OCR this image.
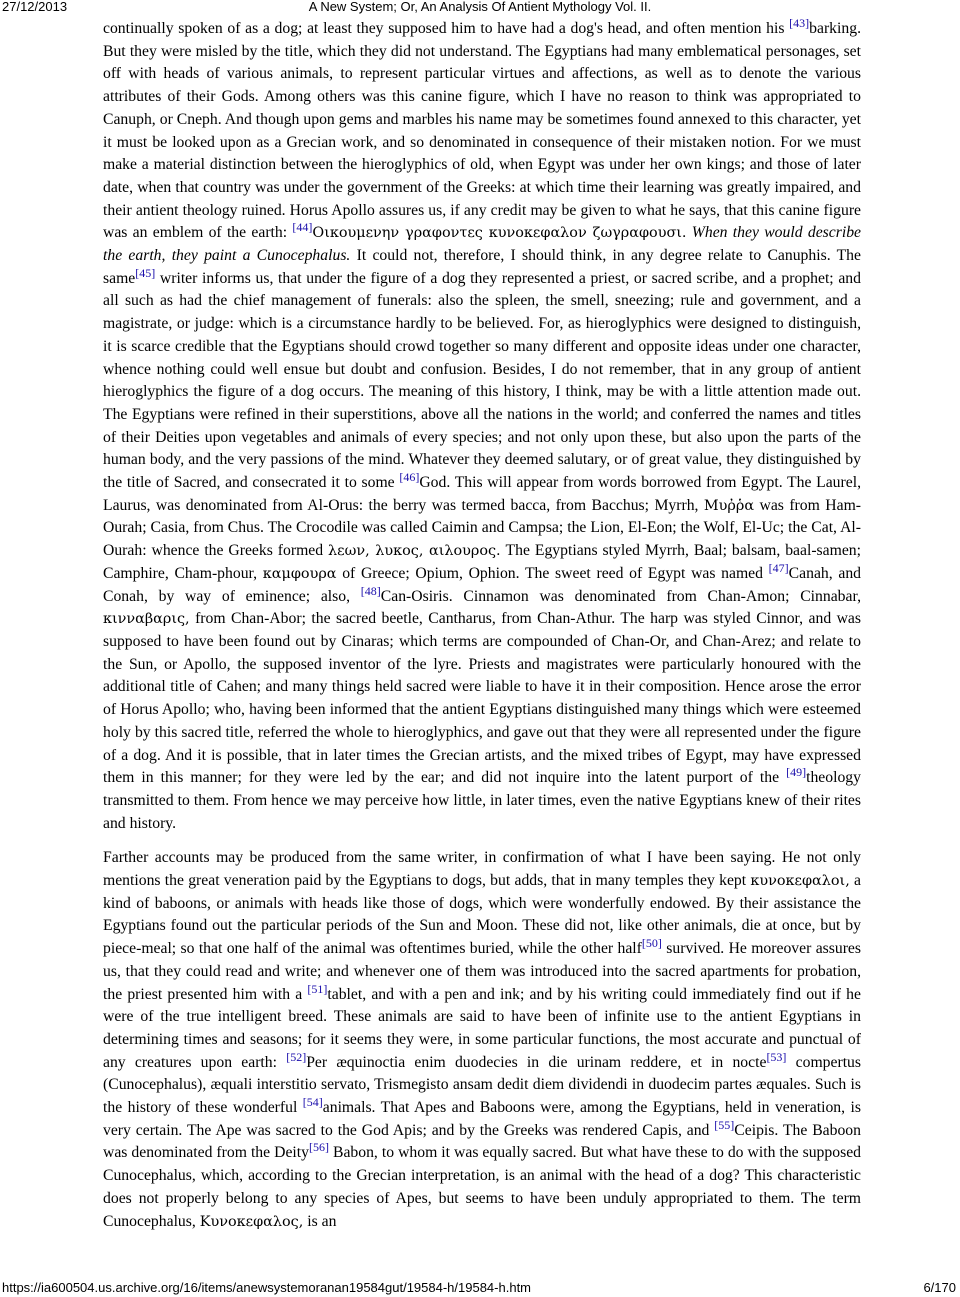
27/12/2013	A New System; Or, An Analysis Of Antient Mythology Vol. II.

continually spoken of as a dog; at least they supposed him to have had a dog's head, and often mention his [43]barking. But they were misled by the title, which they did not understand. The Egyptians had many emblematical personages, set off with heads of various animals, to represent particular virtues and affections, as well as to denote the various attributes of their Gods. Among others was this canine figure, which I have no reason to think was appropriated to Canuph, or Cneph. And though upon gems and marbles his name may be sometimes found annexed to this character, yet it must be looked upon as a Grecian work, and so denominated in consequence of their mistaken notion. For we must make a material distinction between the hieroglyphics of old, when Egypt was under her own kings; and those of later date, when that country was under the government of the Greeks: at which time their learning was greatly impaired, and their antient theology ruined. Horus Apollo assures us, if any credit may be given to what he says, that this canine figure was an emblem of the earth: [44]Οικουμενην γραφοντες κυνοκεφαλον ζωγραφουσι. When they would describe the earth, they paint a Cunocephalus. It could not, therefore, I should think, in any degree relate to Canuphis. The same[45] writer informs us, that under the figure of a dog they represented a priest, or sacred scribe, and a prophet; and all such as had the chief management of funerals: also the spleen, the smell, sneezing; rule and government, and a magistrate, or judge: which is a circumstance hardly to be believed. For, as hieroglyphics were designed to distinguish, it is scarce credible that the Egyptians should crowd together so many different and opposite ideas under one character, whence nothing could well ensue but doubt and confusion. Besides, I do not remember, that in any group of antient hieroglyphics the figure of a dog occurs. The meaning of this history, I think, may be with a little attention made out. The Egyptians were refined in their superstitions, above all the nations in the world; and conferred the names and titles of their Deities upon vegetables and animals of every species; and not only upon these, but also upon the parts of the human body, and the very passions of the mind. Whatever they deemed salutary, or of great value, they distinguished by the title of Sacred, and consecrated it to some [46]God. This will appear from words borrowed from Egypt. The Laurel, Laurus, was denominated from Al-Orus: the berry was termed bacca, from Bacchus; Myrrh, Μυῤῥα was from Ham-Ourah; Casia, from Chus. The Crocodile was called Caimin and Campsa; the Lion, El-Eon; the Wolf, El-Uc; the Cat, Al-Ourah: whence the Greeks formed λεων, λυκος, αιλουρος. The Egyptians styled Myrrh, Baal; balsam, baal-samen; Camphire, Cham-phour, καμφουρα of Greece; Opium, Ophion. The sweet reed of Egypt was named [47]Canah, and Conah, by way of eminence; also, [48]Can-Osiris. Cinnamon was denominated from Chan-Amon; Cinnabar, κινναβαρις, from Chan-Abor; the sacred beetle, Cantharus, from Chan-Athur. The harp was styled Cinnor, and was supposed to have been found out by Cinaras; which terms are compounded of Chan-Or, and Chan-Arez; and relate to the Sun, or Apollo, the supposed inventor of the lyre. Priests and magistrates were particularly honoured with the additional title of Cahen; and many things held sacred were liable to have it in their composition. Hence arose the error of Horus Apollo; who, having been informed that the antient Egyptians distinguished many things which were esteemed holy by this sacred title, referred the whole to hieroglyphics, and gave out that they were all represented under the figure of a dog. And it is possible, that in later times the Grecian artists, and the mixed tribes of Egypt, may have expressed them in this manner; for they were led by the ear; and did not inquire into the latent purport of the [49]theology transmitted to them. From hence we may perceive how little, in later times, even the native Egyptians knew of their rites and history.

Farther accounts may be produced from the same writer, in confirmation of what I have been saying. He not only mentions the great veneration paid by the Egyptians to dogs, but adds, that in many temples they kept κυνοκεφαλοι, a kind of baboons, or animals with heads like those of dogs, which were wonderfully endowed. By their assistance the Egyptians found out the particular periods of the Sun and Moon. These did not, like other animals, die at once, but by piece-meal; so that one half of the animal was oftentimes buried, while the other half[50] survived. He moreover assures us, that they could read and write; and whenever one of them was introduced into the sacred apartments for probation, the priest presented him with a [51]tablet, and with a pen and ink; and by his writing could immediately find out if he were of the true intelligent breed. These animals are said to have been of infinite use to the antient Egyptians in determining times and seasons; for it seems they were, in some particular functions, the most accurate and punctual of any creatures upon earth: [52]Per æquinoctia enim duodecies in die urinam reddere, et in nocte[53] compertus (Cunocephalus), æquali interstitio servato, Trismegisto ansam dedit diem dividendi in duodecim partes æquales. Such is the history of these wonderful [54]animals. That Apes and Baboons were, among the Egyptians, held in veneration, is very certain. The Ape was sacred to the God Apis; and by the Greeks was rendered Capis, and [55]Ceipis. The Baboon was denominated from the Deity[56] Babon, to whom it was equally sacred. But what have these to do with the supposed Cunocephalus, which, according to the Grecian interpretation, is an animal with the head of a dog? This characteristic does not properly belong to any species of Apes, but seems to have been unduly appropriated to them. The term Cunocephalus, Κυνοκεφαλος, is an

https://ia600504.us.archive.org/16/items/anewsystemoranan19584gut/19584-h/19584-h.htm	6/170
